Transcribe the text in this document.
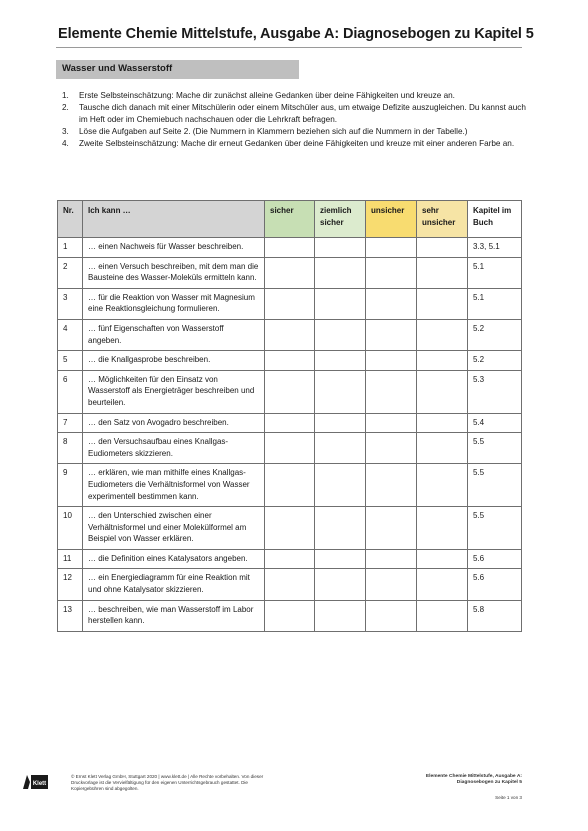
Elemente Chemie Mittelstufe, Ausgabe A: Diagnosebogen zu Kapitel 5
Wasser und Wasserstoff
1.	Erste Selbsteinschätzung: Mache dir zunächst alleine Gedanken über deine Fähigkeiten und kreuze an.
2.	Tausche dich danach mit einer Mitschülerin oder einem Mitschüler aus, um etwaige Defizite auszugleichen. Du kannst auch im Heft oder im Chemiebuch nachschauen oder die Lehrkraft befragen.
3.	Löse die Aufgaben auf Seite 2. (Die Nummern in Klammern beziehen sich auf die Nummern in der Tabelle.)
4.	Zweite Selbsteinschätzung: Mache dir erneut Gedanken über deine Fähigkeiten und kreuze mit einer anderen Farbe an.
Nr.	Ich kann …	sicher	ziemlich sicher	unsicher	sehr unsicher	Kapitel im Buch
1	… einen Nachweis für Wasser beschreiben.					3.3, 5.1
2	… einen Versuch beschreiben, mit dem man die Bausteine des Wasser-Moleküls ermitteln kann.					5.1
3	… für die Reaktion von Wasser mit Magnesium eine Reaktionsgleichung formulieren.					5.1
4	… fünf Eigenschaften von Wasserstoff angeben.					5.2
5	… die Knallgasprobe beschreiben.					5.2
6	… Möglichkeiten für den Einsatz von Wasserstoff als Energieträger beschreiben und beurteilen.					5.3
7	… den Satz von Avogadro beschreiben.					5.4
8	… den Versuchsaufbau eines Knallgas-Eudiometers skizzieren.					5.5
9	… erklären, wie man mithilfe eines Knallgas-Eudiometers die Verhältnisformel von Wasser experimentell bestimmen kann.					5.5
10	… den Unterschied zwischen einer Verhältnisformel und einer Molekülformel am Beispiel von Wasser erklären.					5.5
11	… die Definition eines Katalysators angeben.					5.6
12	… ein Energiediagramm für eine Reaktion mit und ohne Katalysator skizzieren.					5.6
13	… beschreiben, wie man Wasserstoff im Labor herstellen kann.					5.8
Klett
© Ernst Klett Verlag GmbH, Stuttgart 2020 | www.klett.de | Alle Rechte vorbehalten. Von dieser Druckvorlage ist die Vervielfältigung für den eigenen Unterrichtsgebrauch gestattet. Die Kopiergebühren sind abgegolten.
Elemente Chemie Mittelstufe, Ausgabe A:
Diagnosebogen zu Kapitel 5
Seite 1 von 3
